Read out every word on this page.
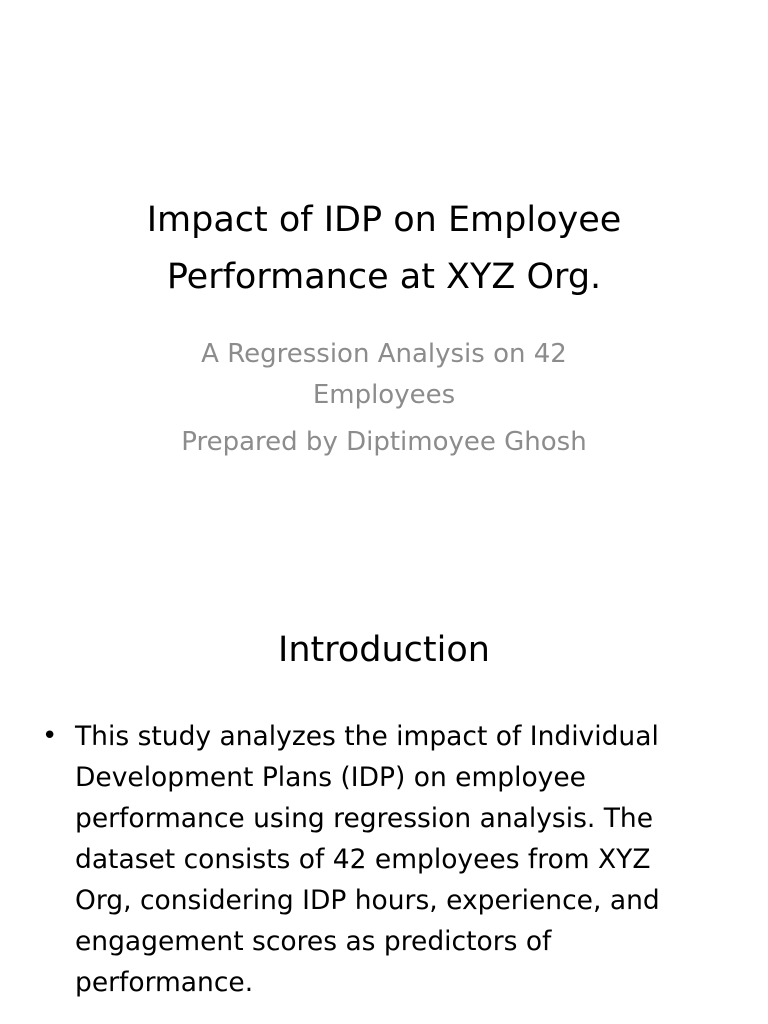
Impact of IDP on Employee
Performance at XYZ Org.
A Regression Analysis on 42
Employees
Prepared by Diptimoyee Ghosh
Introduction
• This study analyzes the impact of Individual Development Plans (IDP) on employee performance using regression analysis. The dataset consists of 42 employees from XYZ Org, considering IDP hours, experience, and engagement scores as predictors of performance.
